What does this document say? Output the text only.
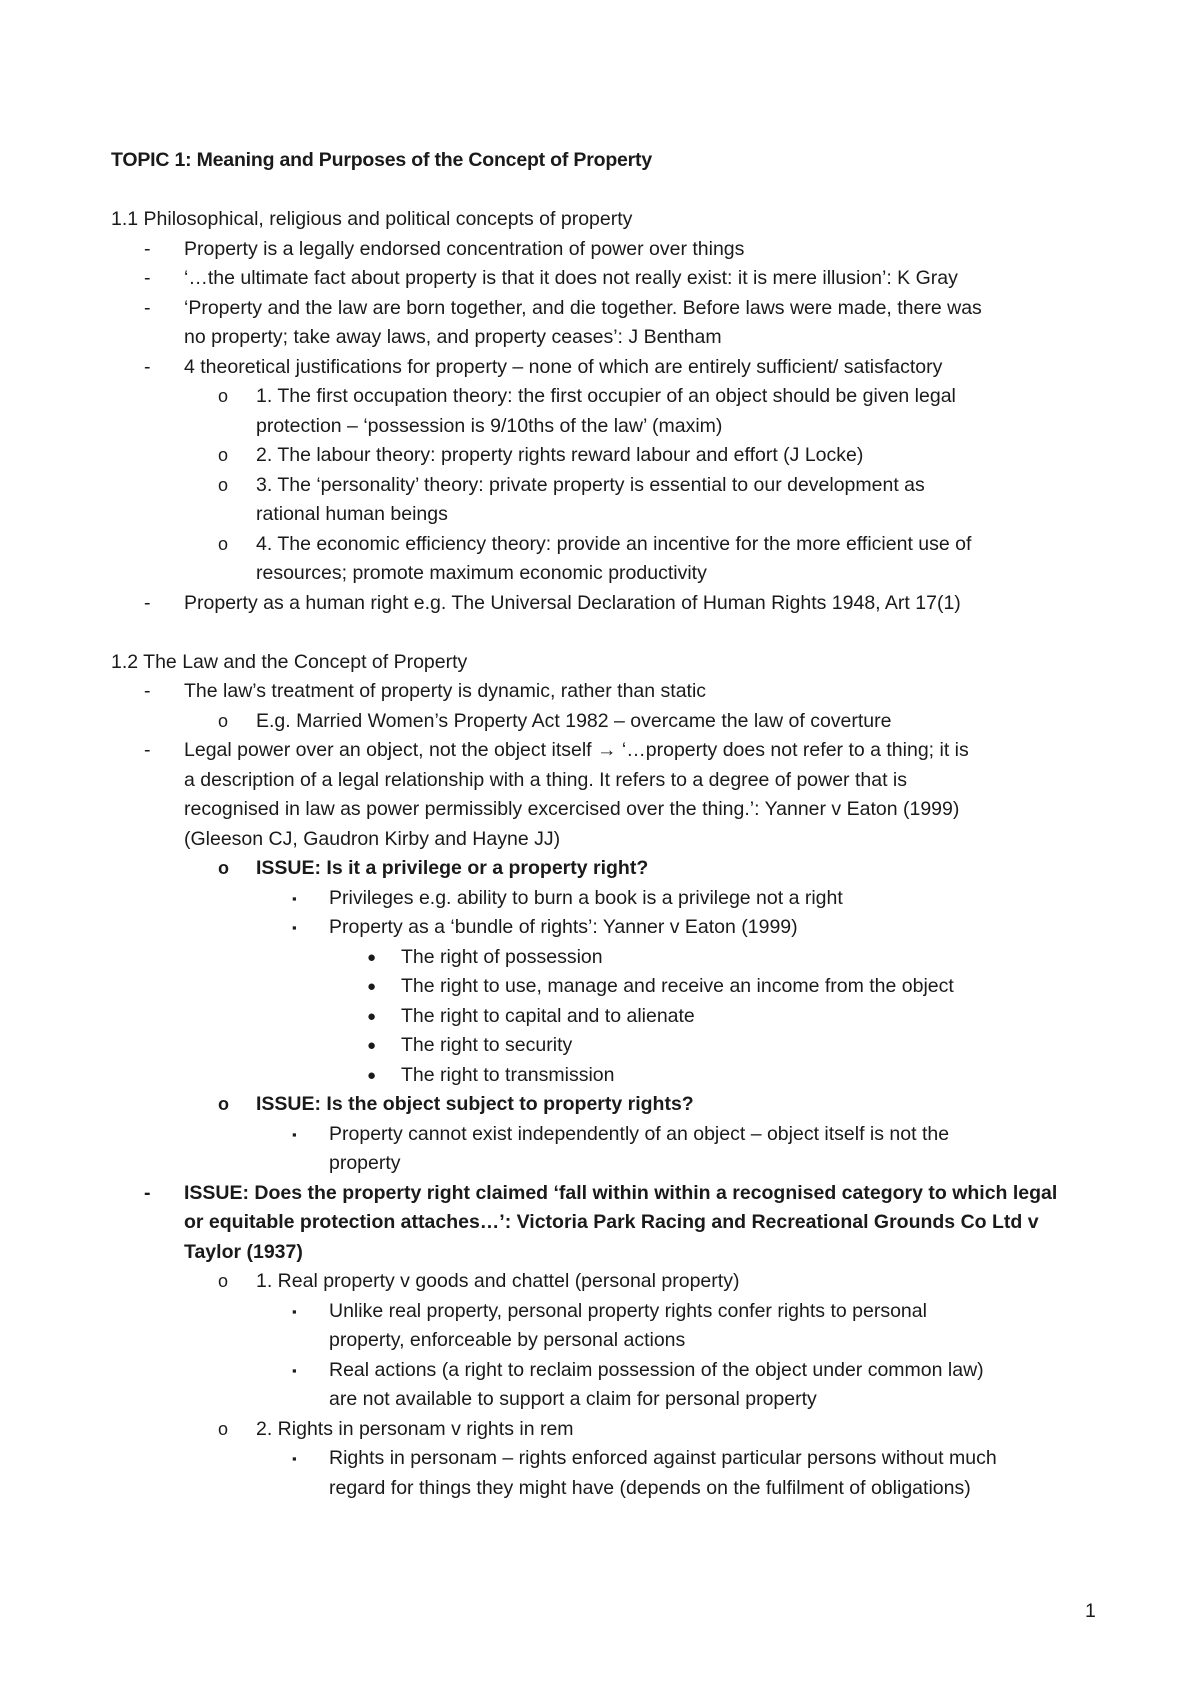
TOPIC 1: Meaning and Purposes of the Concept of Property
1.1 Philosophical, religious and political concepts of property
- Property is a legally endorsed concentration of power over things
- ‘…the ultimate fact about property is that it does not really exist: it is mere illusion’: K Gray
- ‘Property and the law are born together, and die together. Before laws were made, there was
no property; take away laws, and property ceases’: J Bentham
- 4 theoretical justifications for property – none of which are entirely sufficient/ satisfactory
o 1. The first occupation theory: the first occupier of an object should be given legal
protection – ‘possession is 9/10ths of the law’ (maxim)
o 2. The labour theory: property rights reward labour and effort (J Locke)
o 3. The ‘personality’ theory: private property is essential to our development as
rational human beings
o 4. The economic efficiency theory: provide an incentive for the more efficient use of
resources; promote maximum economic productivity
- Property as a human right e.g. The Universal Declaration of Human Rights 1948, Art 17(1)
1.2 The Law and the Concept of Property
- The law’s treatment of property is dynamic, rather than static
o E.g. Married Women’s Property Act 1982 – overcame the law of coverture
- Legal power over an object, not the object itself → ‘…property does not refer to a thing; it is
a description of a legal relationship with a thing. It refers to a degree of power that is
recognised in law as power permissibly excercised over the thing.’: Yanner v Eaton (1999)
(Gleeson CJ, Gaudron Kirby and Hayne JJ)
o ISSUE: Is it a privilege or a property right?
▪ Privileges e.g. ability to burn a book is a privilege not a right
▪ Property as a ‘bundle of rights’: Yanner v Eaton (1999)
● The right of possession
● The right to use, manage and receive an income from the object
● The right to capital and to alienate
● The right to security
● The right to transmission
o ISSUE: Is the object subject to property rights?
▪ Property cannot exist independently of an object – object itself is not the
property
- ISSUE: Does the property right claimed ‘fall within within a recognised category to which legal
or equitable protection attaches…’: Victoria Park Racing and Recreational Grounds Co Ltd v
Taylor (1937)
o 1. Real property v goods and chattel (personal property)
▪ Unlike real property, personal property rights confer rights to personal
property, enforceable by personal actions
▪ Real actions (a right to reclaim possession of the object under common law)
are not available to support a claim for personal property
o 2. Rights in personam v rights in rem
▪ Rights in personam – rights enforced against particular persons without much
regard for things they might have (depends on the fulfilment of obligations)
1
